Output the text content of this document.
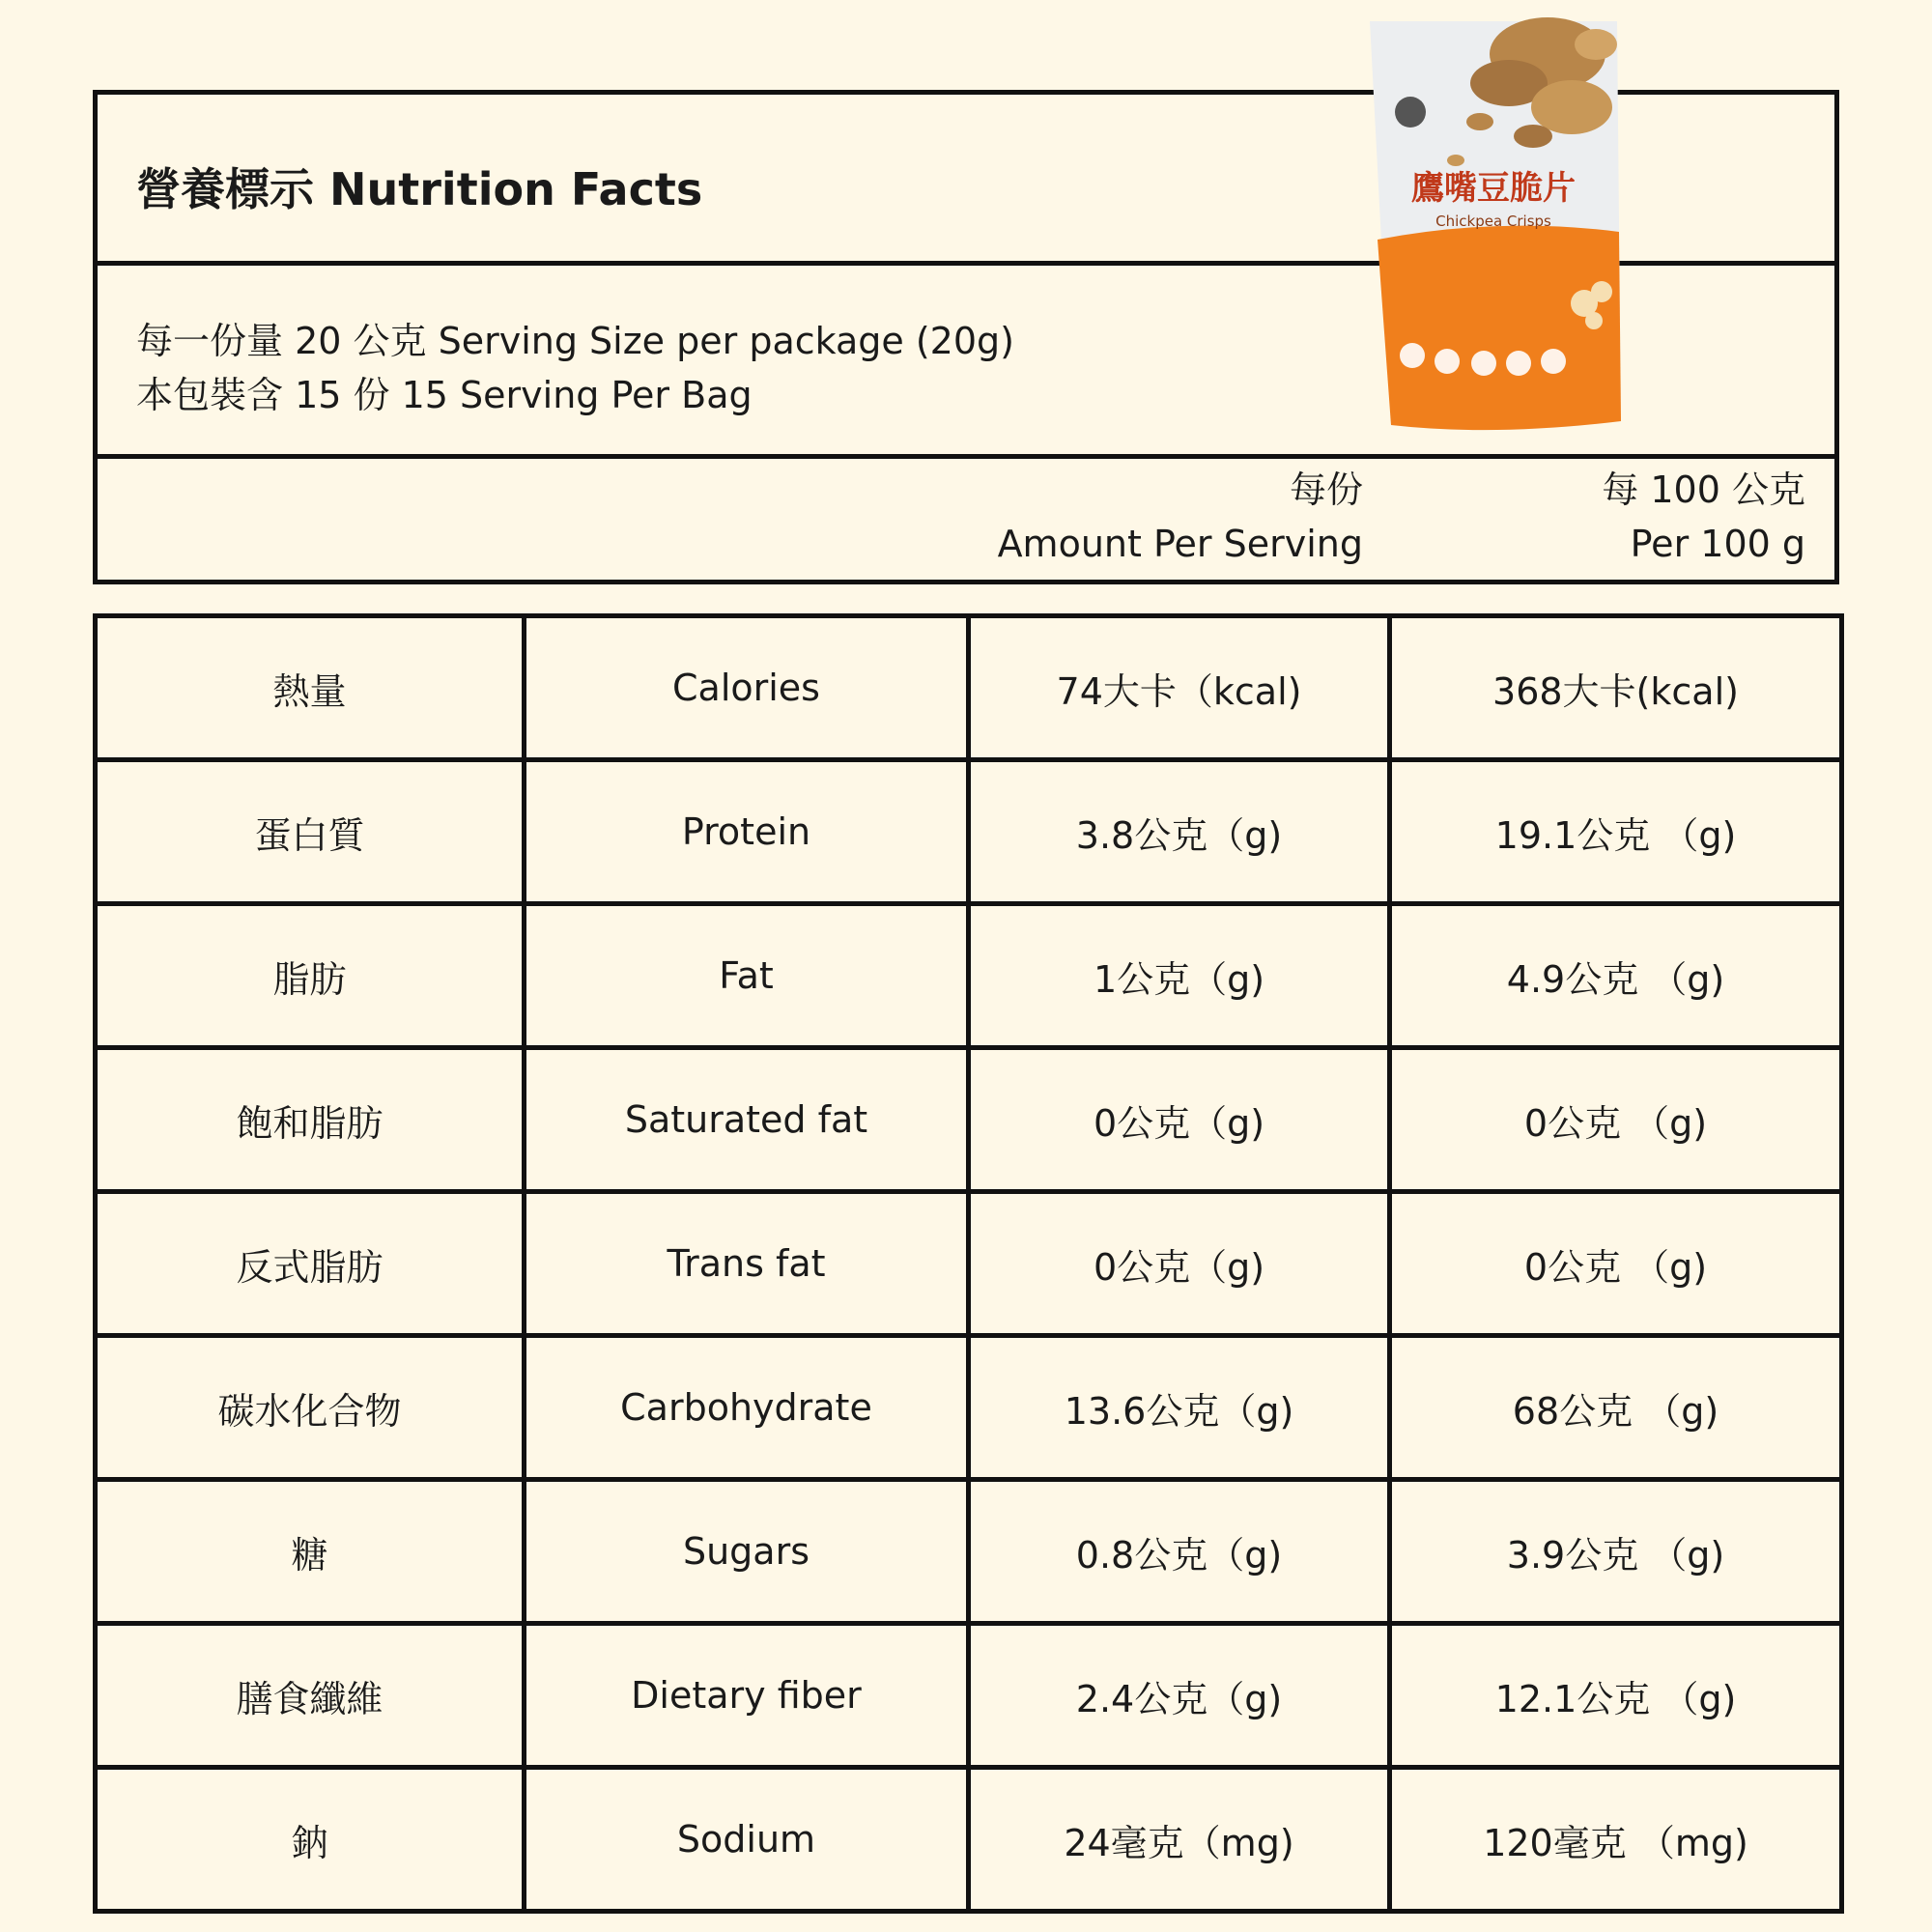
營養標示 Nutrition Facts
每一份量 20 公克 Serving Size per package (20g)
本包裝含 15 份 15 Serving Per Bag
每份
Amount Per Serving
每 100 公克
Per 100 g
鷹嘴豆脆片
Chickpea Crisps
熱量	Calories	74大卡（kcal)	368大卡(kcal)
蛋白質	Protein	3.8公克（g)	19.1公克 （g)
脂肪	Fat	1公克（g)	4.9公克 （g)
飽和脂肪	Saturated fat	0公克（g)	0公克 （g)
反式脂肪	Trans fat	0公克（g)	0公克 （g)
碳水化合物	Carbohydrate	13.6公克（g)	68公克 （g)
糖	Sugars	0.8公克（g)	3.9公克 （g)
膳食纖維	Dietary fiber	2.4公克（g)	12.1公克 （g)
鈉	Sodium	24毫克（mg)	120毫克 （mg)
